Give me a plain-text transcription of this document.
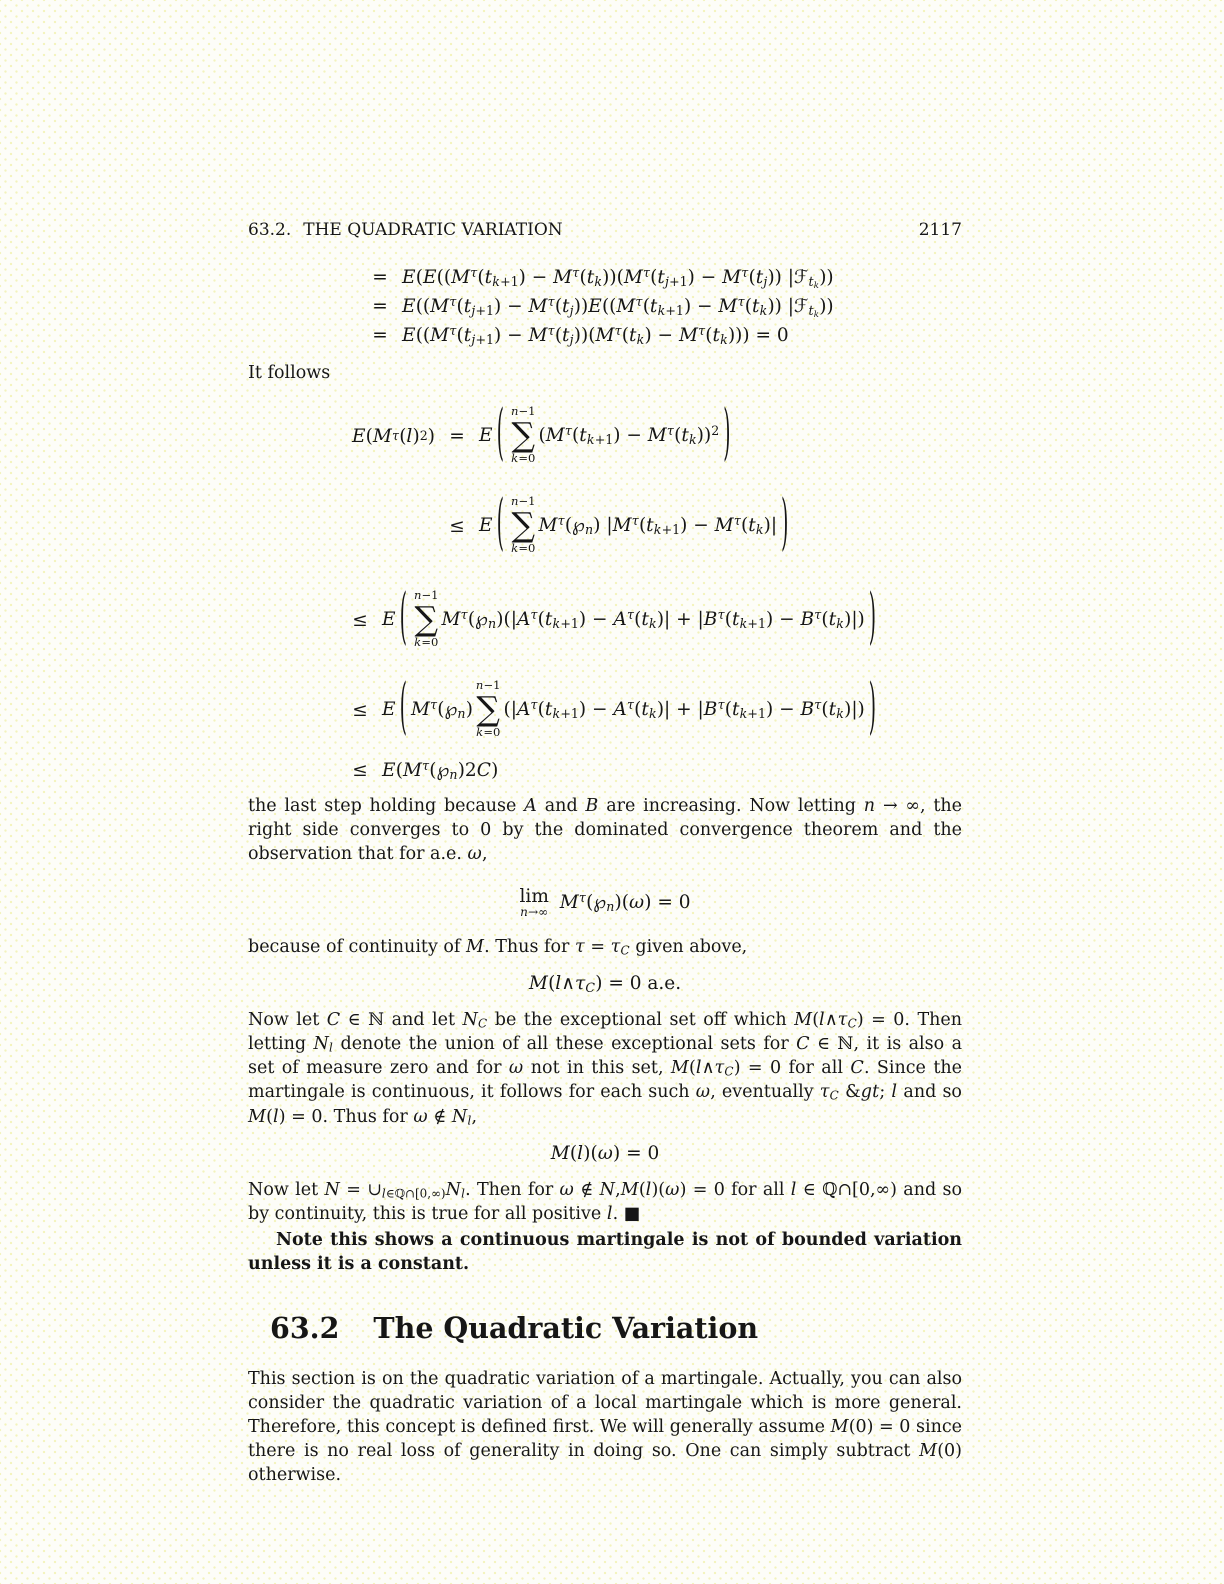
63.2. THE QUADRATIC VARIATION	2117
= $E(E((M^\tau(t_{k+1}) - M^\tau(t_k))(M^\tau(t_{j+1}) - M^\tau(t_j))$ |ℱ$_{t_k}$))
= $E((M^\tau(t_{j+1}) - M^\tau(t_j))E((M^\tau(t_{k+1}) - M^\tau(t_k))$ |ℱ$_{t_k}$))
= $E((M^\tau(t_{j+1}) - M^\tau(t_j))(M^\tau(t_k) - M^\tau(t_k))) = 0$

It follows

E ( M τ ( l ) 2 ) = E ( n−1
∑
k=0
$(M^\tau(t_{k+1}) - M^\tau(t_k))^2$ )
≤ E ( n−1
∑
k=0
$M^\tau(℘_n) |M^\tau(t_{k+1}) - M^\tau(t_k)|$ )
≤ E ( n−1
∑
k=0
$M^\tau(℘_n)(|A^\tau(t_{k+1}) - A^\tau(t_k)| + |B^\tau(t_{k+1}) - B^\tau(t_k)|)$ )
≤ E ( $M^\tau(℘_n)$
n−1
∑
k=0
$(|A^\tau(t_{k+1}) - A^\tau(t_k)| + |B^\tau(t_{k+1}) - B^\tau(t_k)|)$ )
≤ $E(M^\tau(℘_n)2C)$

the last step holding because A and B are increasing. Now letting n → ∞, the right side converges to 0 by the dominated convergence theorem and the observation that for a.e. ω,

lim
n→∞ $M^\tau(℘_n)(\omega) = 0$

because of continuity of M. Thus for $\tau = \tau_C$ given above,

$M(l\wedge\tau_C) = 0$ a.e.

Now let C ∈ ℕ and let $N_C$ be the exceptional set off which $M(l\wedge\tau_C) = 0$. Then letting $N_l$ denote the union of all these exceptional sets for C ∈ ℕ, it is also a set of measure zero and for ω not in this set, $M(l\wedge\tau_C) = 0$ for all C. Since the martingale is continuous, it follows for each such ω, eventually $\tau_C$ &gt; l and so M(l) = 0. Thus for ω ∉ $N_l$,

M(l)(ω) = 0

Now let $N = \cup_{l\in ℚ\cap[0,\infty)}N_l$. Then for ω ∉ N,M(l)(ω) = 0 for all l ∈ ℚ∩[0,∞) and so by continuity, this is true for all positive l. ■

Note this shows a continuous martingale is not of bounded variation unless it is a constant.

63.2 The Quadratic Variation

This section is on the quadratic variation of a martingale. Actually, you can also consider the quadratic variation of a local martingale which is more general. Therefore, this concept is defined first. We will generally assume M(0) = 0 since there is no real loss of generality in doing so. One can simply subtract M(0) otherwise.
